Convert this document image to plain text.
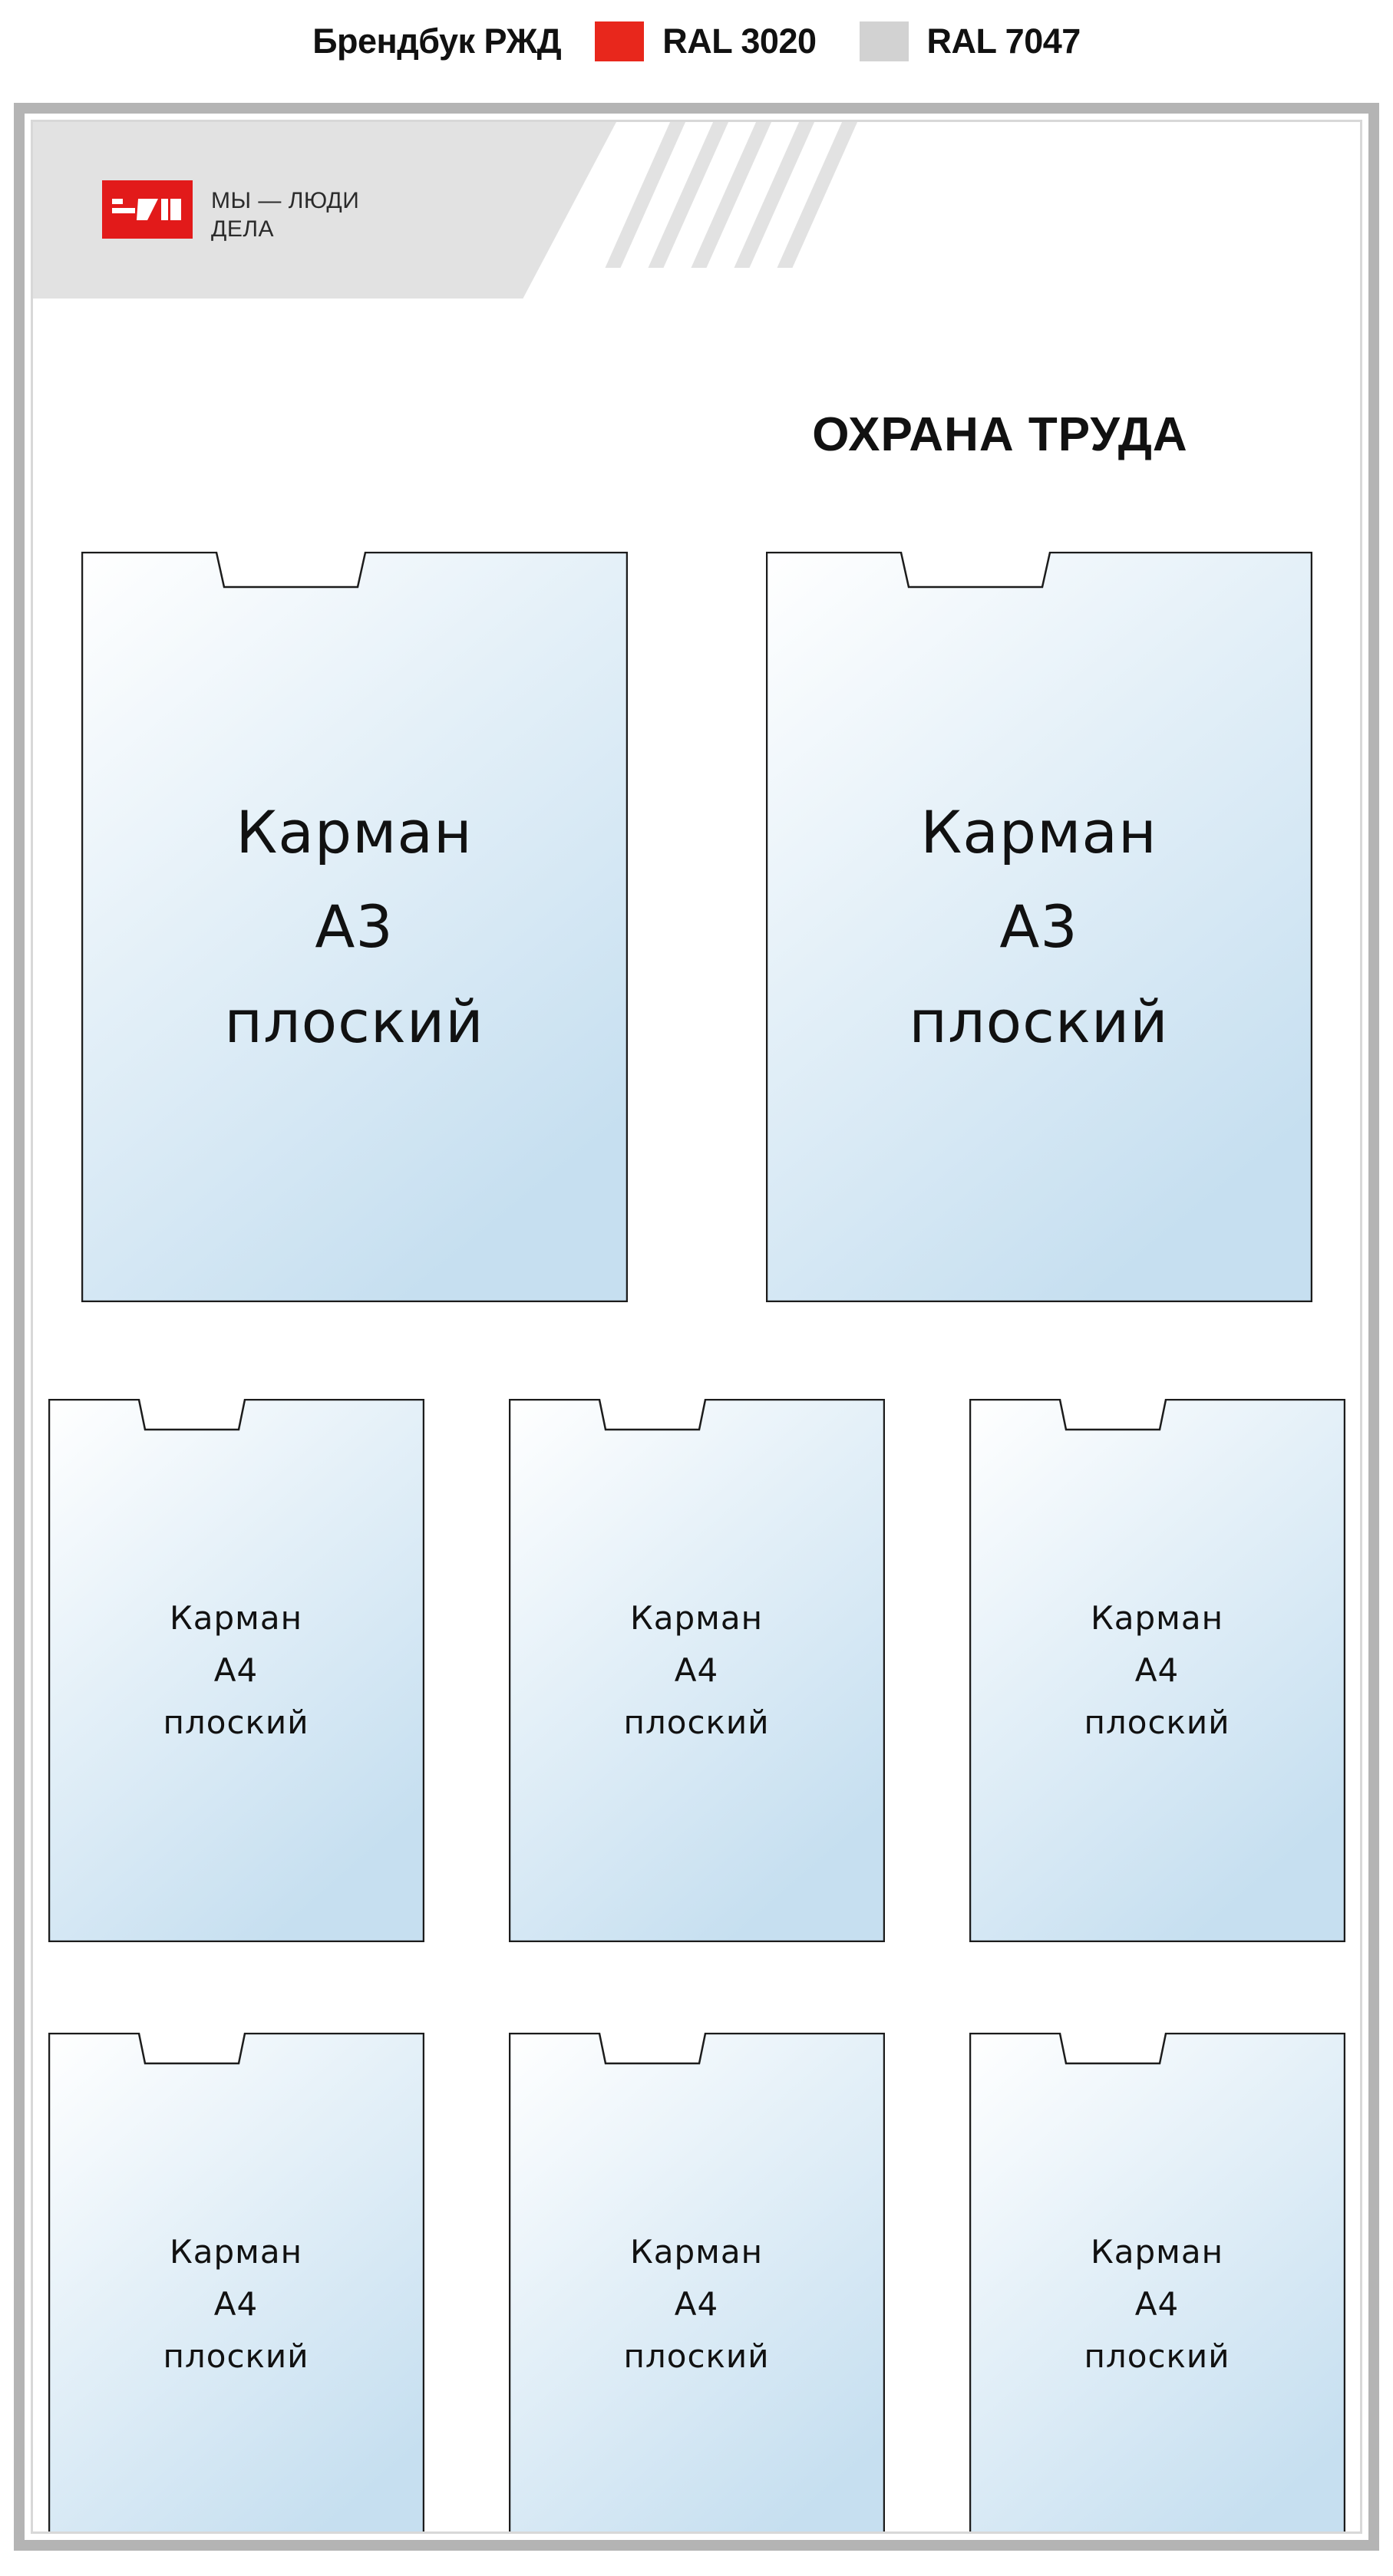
Брендбук РЖД	RAL 3020	RAL 7047
МЫ — ЛЮДИ
ДЕЛА
ОХРАНА ТРУДА
Карман
А3
плоский
Карман
А3
плоский
Карман
А4
плоский
Карман
А4
плоский
Карман
А4
плоский
Карман
А4
плоский
Карман
А4
плоский
Карман
А4
плоский
